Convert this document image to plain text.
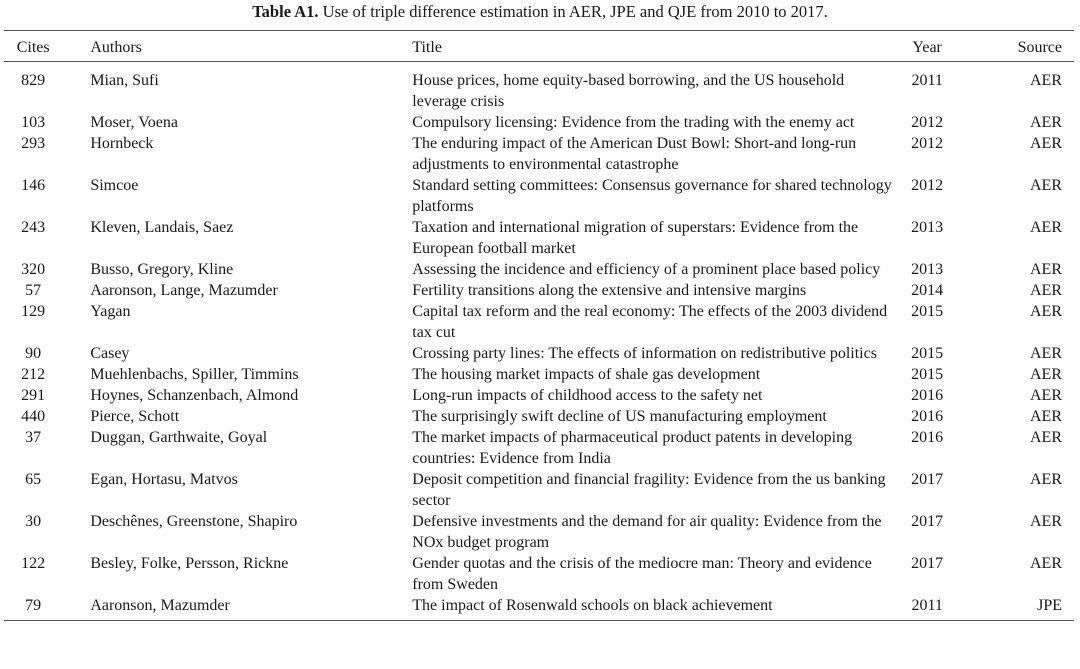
Table A1. Use of triple difference estimation in AER, JPE and QJE from 2010 to 2017.
Cites	Authors	Title	Year	Source
829	Mian, Sufi	House prices, home equity-based borrowing, and the US household leverage crisis	2011	AER
103	Moser, Voena	Compulsory licensing: Evidence from the trading with the enemy act	2012	AER
293	Hornbeck	The enduring impact of the American Dust Bowl: Short-and long-run adjustments to environmental catastrophe	2012	AER
146	Simcoe	Standard setting committees: Consensus governance for shared technology platforms	2012	AER
243	Kleven, Landais, Saez	Taxation and international migration of superstars: Evidence from the European football market	2013	AER
320	Busso, Gregory, Kline	Assessing the incidence and efficiency of a prominent place based policy	2013	AER
57	Aaronson, Lange, Mazumder	Fertility transitions along the extensive and intensive margins	2014	AER
129	Yagan	Capital tax reform and the real economy: The effects of the 2003 dividend tax cut	2015	AER
90	Casey	Crossing party lines: The effects of information on redistributive politics	2015	AER
212	Muehlenbachs, Spiller, Timmins	The housing market impacts of shale gas development	2015	AER
291	Hoynes, Schanzenbach, Almond	Long-run impacts of childhood access to the safety net	2016	AER
440	Pierce, Schott	The surprisingly swift decline of US manufacturing employment	2016	AER
37	Duggan, Garthwaite, Goyal	The market impacts of pharmaceutical product patents in developing countries: Evidence from India	2016	AER
65	Egan, Hortasu, Matvos	Deposit competition and financial fragility: Evidence from the us banking sector	2017	AER
30	Deschênes, Greenstone, Shapiro	Defensive investments and the demand for air quality: Evidence from the NOx budget program	2017	AER
122	Besley, Folke, Persson, Rickne	Gender quotas and the crisis of the mediocre man: Theory and evidence from Sweden	2017	AER
79	Aaronson, Mazumder	The impact of Rosenwald schools on black achievement	2011	JPE
